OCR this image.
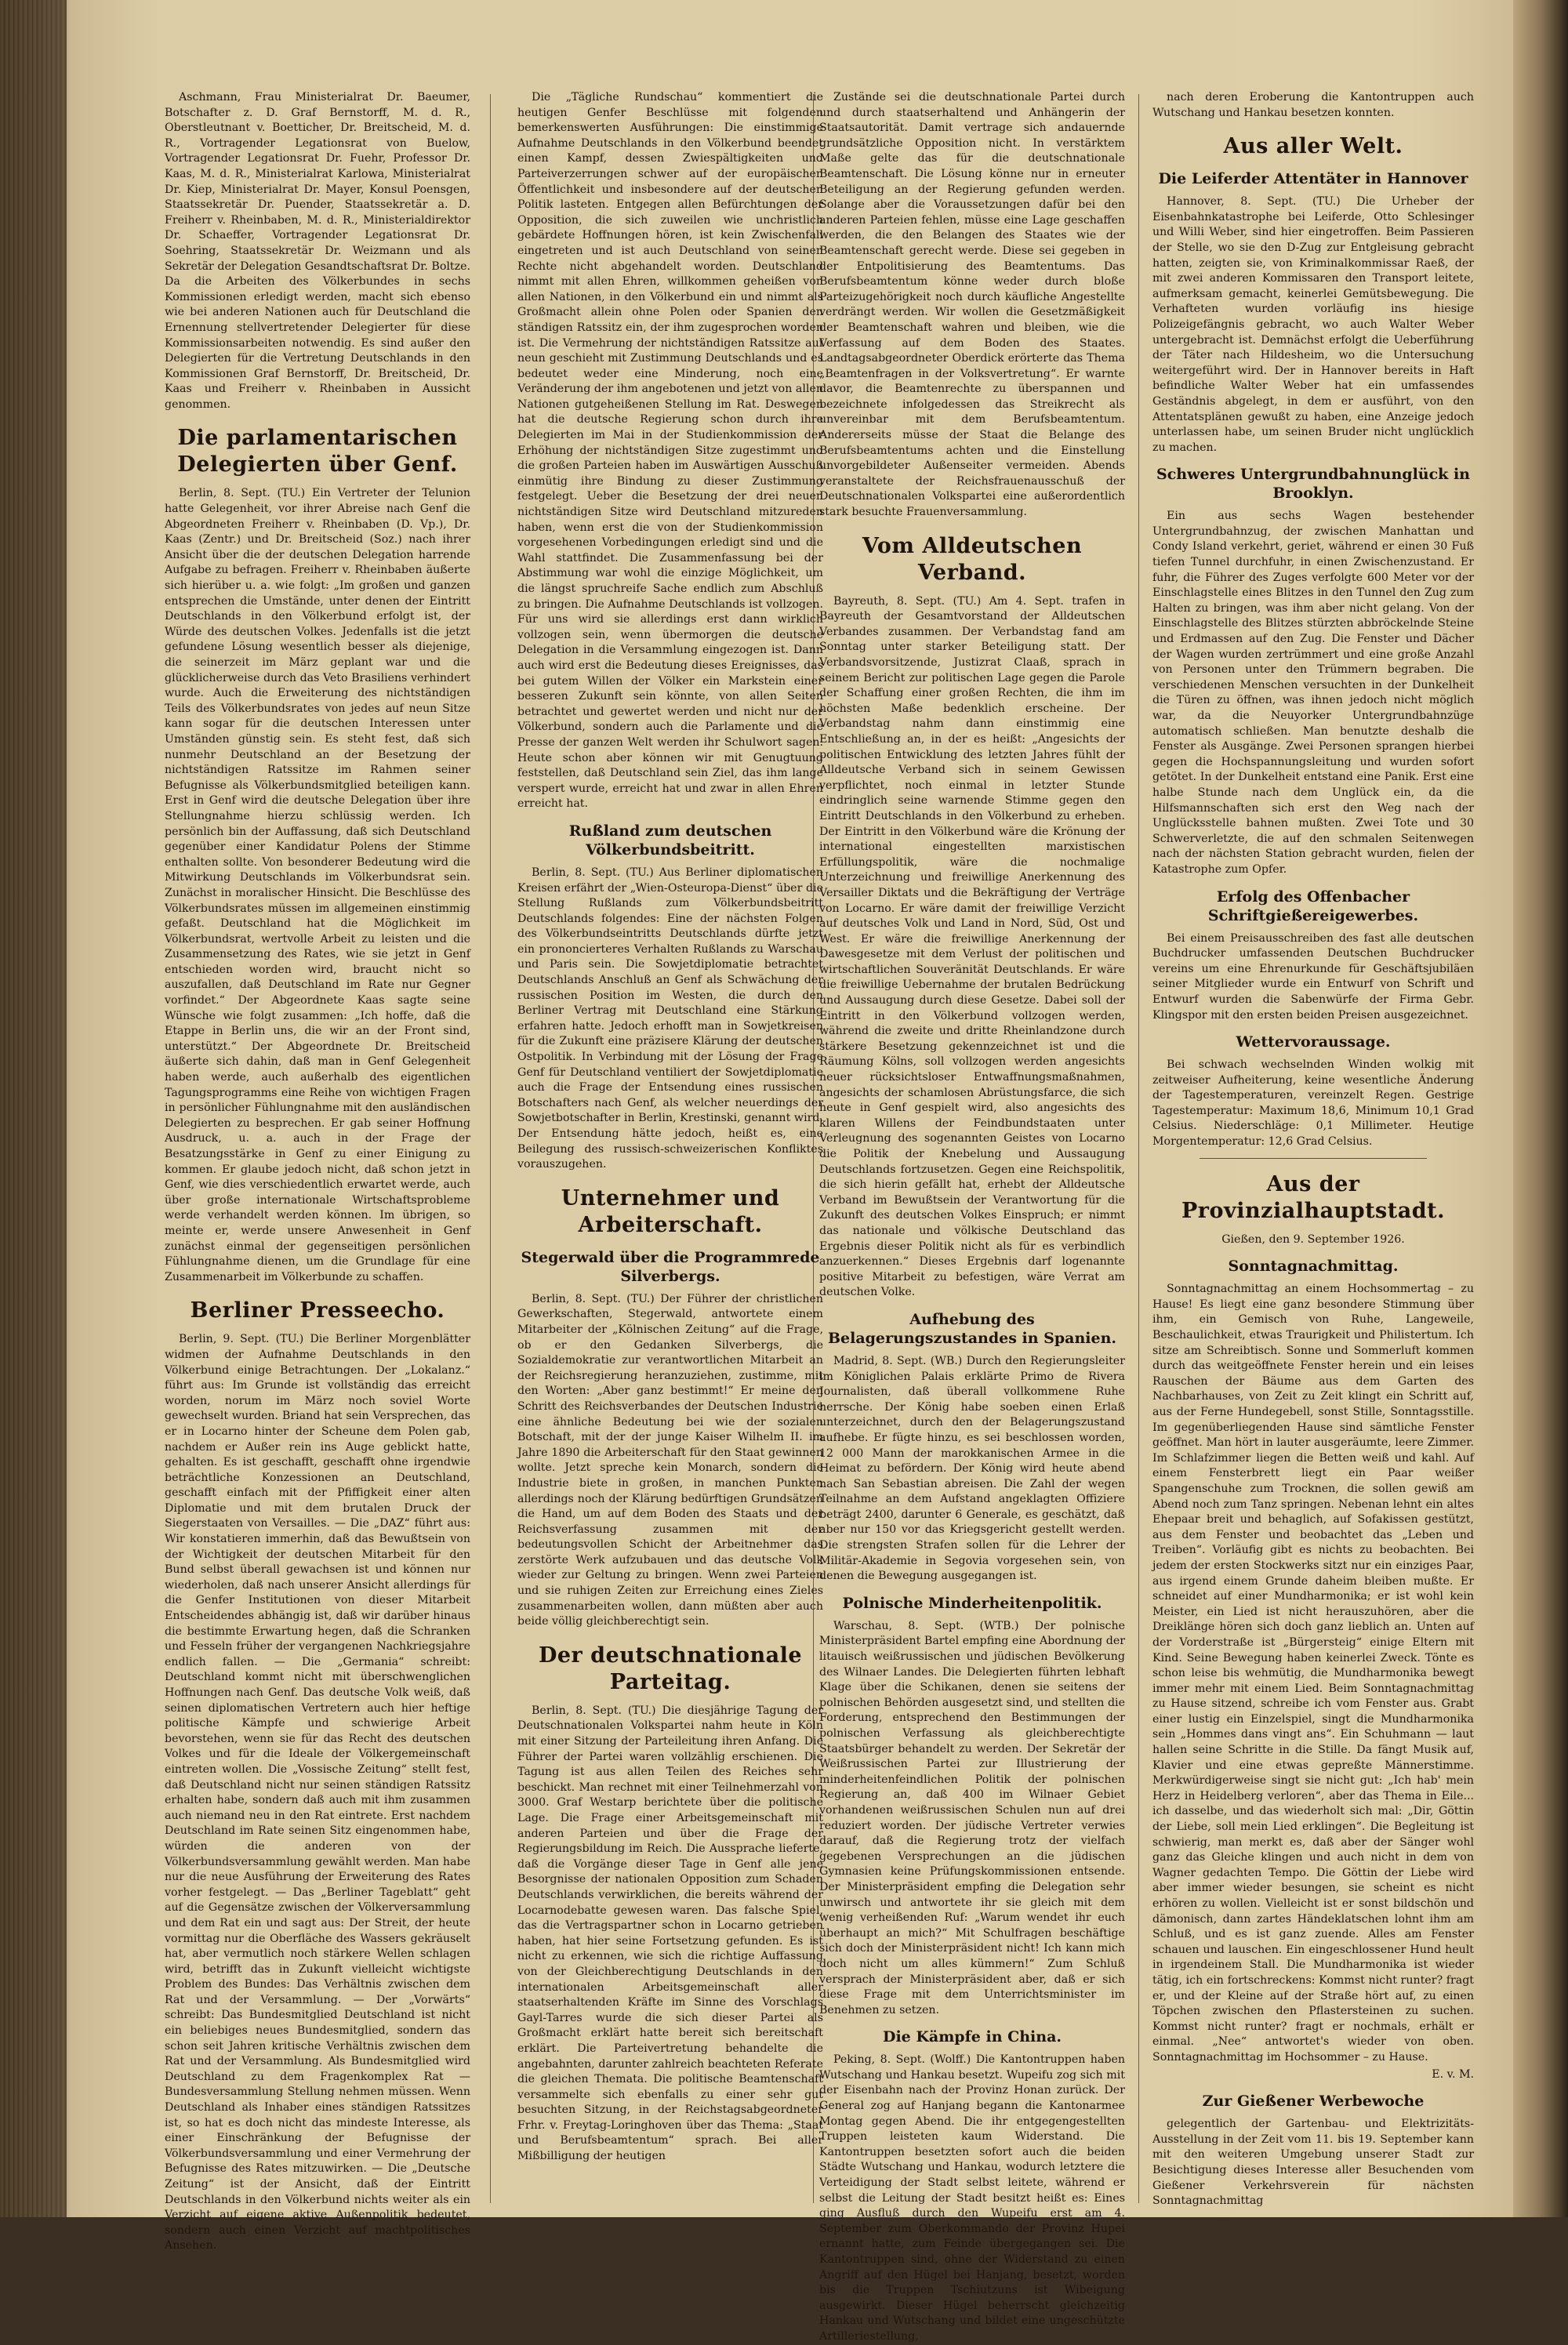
Aschmann, Frau Ministerialrat Dr. Baeumer, Botschafter z. D. Graf Bernstorff, M. d. R., Oberstleutnant v. Boetticher, Dr. Breitscheid, M. d. R., Vortragender Legationsrat von Buelow, Vortragender Legationsrat Dr. Fuehr, Professor Dr. Kaas, M. d. R., Ministerialrat Karlowa, Ministerialrat Dr. Kiep, Ministerialrat Dr. Mayer, Konsul Poensgen, Staatssekretär Dr. Puender, Staatssekretär a. D. Freiherr v. Rheinbaben, M. d. R., Ministerialdirektor Dr. Schaeffer, Vortragender Legationsrat Dr. Soehring, Staatssekretär Dr. Weizmann und als Sekretär der Delegation Gesandtschaftsrat Dr. Boltze. Da die Arbeiten des Völkerbundes in sechs Kommissionen erledigt werden, macht sich ebenso wie bei anderen Nationen auch für Deutschland die Ernennung stellvertretender Delegierter für diese Kommissionsarbeiten notwendig. Es sind außer den Delegierten für die Vertretung Deutschlands in den Kommissionen Graf Bernstorff, Dr. Breitscheid, Dr. Kaas und Freiherr v. Rheinbaben in Aussicht genommen.

Die parlamentarischen Delegierten über Genf.

Berlin, 8. Sept. (TU.) Ein Vertreter der Telunion hatte Gelegenheit, vor ihrer Abreise nach Genf die Abgeordneten Freiherr v. Rheinbaben (D. Vp.), Dr. Kaas (Zentr.) und Dr. Breitscheid (Soz.) nach ihrer Ansicht über die der deutschen Delegation harrende Aufgabe zu befragen. Freiherr v. Rheinbaben äußerte sich hierüber u. a. wie folgt: „Im großen und ganzen entsprechen die Umstände, unter denen der Eintritt Deutschlands in den Völkerbund erfolgt ist, der Würde des deutschen Volkes. Jedenfalls ist die jetzt gefundene Lösung wesentlich besser als diejenige, die seinerzeit im März geplant war und die glücklicherweise durch das Veto Brasiliens verhindert wurde. Auch die Erweiterung des nichtständigen Teils des Völkerbundsrates von jedes auf neun Sitze kann sogar für die deutschen Interessen unter Umständen günstig sein. Es steht fest, daß sich nunmehr Deutschland an der Besetzung der nichtständigen Ratssitze im Rahmen seiner Befugnisse als Völkerbundsmitglied beteiligen kann. Erst in Genf wird die deutsche Delegation über ihre Stellungnahme hierzu schlüssig werden. Ich persönlich bin der Auffassung, daß sich Deutschland gegenüber einer Kandidatur Polens der Stimme enthalten sollte. Von besonderer Bedeutung wird die Mitwirkung Deutschlands im Völkerbundsrat sein. Zunächst in moralischer Hinsicht. Die Beschlüsse des Völkerbundsrates müssen im allgemeinen einstimmig gefaßt. Deutschland hat die Möglichkeit im Völkerbundsrat, wertvolle Arbeit zu leisten und die Zusammensetzung des Rates, wie sie jetzt in Genf entschieden worden wird, braucht nicht so auszufallen, daß Deutschland im Rate nur Gegner vorfindet.“ Der Abgeordnete Kaas sagte seine Wünsche wie folgt zusammen: „Ich hoffe, daß die Etappe in Berlin uns, die wir an der Front sind, unterstützt.“ Der Abgeordnete Dr. Breitscheid äußerte sich dahin, daß man in Genf Gelegenheit haben werde, auch außerhalb des eigentlichen Tagungsprogramms eine Reihe von wichtigen Fragen in persönlicher Fühlungnahme mit den ausländischen Delegierten zu besprechen. Er gab seiner Hoffnung Ausdruck, u. a. auch in der Frage der Besatzungsstärke in Genf zu einer Einigung zu kommen. Er glaube jedoch nicht, daß schon jetzt in Genf, wie dies verschiedentlich erwartet werde, auch über große internationale Wirtschaftsprobleme werde verhandelt werden können. Im übrigen, so meinte er, werde unsere Anwesenheit in Genf zunächst einmal der gegenseitigen persönlichen Fühlungnahme dienen, um die Grundlage für eine Zusammenarbeit im Völkerbunde zu schaffen.

Berliner Presseecho.

Berlin, 9. Sept. (TU.) Die Berliner Morgenblätter widmen der Aufnahme Deutschlands in den Völkerbund einige Betrachtungen. Der „Lokalanz.“ führt aus: Im Grunde ist vollständig das erreicht worden, norum im März noch soviel Worte gewechselt wurden. Briand hat sein Versprechen, das er in Locarno hinter der Scheune dem Polen gab, nachdem er Außer rein ins Auge geblickt hatte, gehalten. Es ist geschafft, geschafft ohne irgendwie beträchtliche Konzessionen an Deutschland, geschafft einfach mit der Pfiffigkeit einer alten Diplomatie und mit dem brutalen Druck der Siegerstaaten von Versailles. — Die „DAZ“ führt aus: Wir konstatieren immerhin, daß das Bewußtsein von der Wichtigkeit der deutschen Mitarbeit für den Bund selbst überall gewachsen ist und können nur wiederholen, daß nach unserer Ansicht allerdings für die Genfer Institutionen von dieser Mitarbeit Entscheidendes abhängig ist, daß wir darüber hinaus die bestimmte Erwartung hegen, daß die Schranken und Fesseln früher der vergangenen Nachkriegsjahre endlich fallen. — Die „Germania“ schreibt: Deutschland kommt nicht mit überschwenglichen Hoffnungen nach Genf. Das deutsche Volk weiß, daß seinen diplomatischen Vertretern auch hier heftige politische Kämpfe und schwierige Arbeit bevorstehen, wenn sie für das Recht des deutschen Volkes und für die Ideale der Völkergemeinschaft eintreten wollen. Die „Vossische Zeitung“ stellt fest, daß Deutschland nicht nur seinen ständigen Ratssitz erhalten habe, sondern daß auch mit ihm zusammen auch niemand neu in den Rat eintrete. Erst nachdem Deutschland im Rate seinen Sitz eingenommen habe, würden die anderen von der Völkerbundsversammlung gewählt werden. Man habe nur die neue Ausführung der Erweiterung des Rates vorher festgelegt. — Das „Berliner Tageblatt“ geht auf die Gegensätze zwischen der Völkerversammlung und dem Rat ein und sagt aus: Der Streit, der heute vormittag nur die Oberfläche des Wassers gekräuselt hat, aber vermutlich noch stärkere Wellen schlagen wird, betrifft das in Zukunft vielleicht wichtigste Problem des Bundes: Das Verhältnis zwischen dem Rat und der Versammlung. — Der „Vorwärts“ schreibt: Das Bundesmitglied Deutschland ist nicht ein beliebiges neues Bundesmitglied, sondern das schon seit Jahren kritische Verhältnis zwischen dem Rat und der Versammlung. Als Bundesmitglied wird Deutschland zu dem Fragenkomplex Rat — Bundesversammlung Stellung nehmen müssen. Wenn Deutschland als Inhaber eines ständigen Ratssitzes ist, so hat es doch nicht das mindeste Interesse, als einer Einschränkung der Befugnisse der Völkerbundsversammlung und einer Vermehrung der Befugnisse des Rates mitzuwirken. — Die „Deutsche Zeitung“ ist der Ansicht, daß der Eintritt Deutschlands in den Völkerbund nichts weiter als ein Verzicht auf eigene aktive Außenpolitik bedeutet, sondern auch einen Verzicht auf machtpolitisches Ansehen.

Die „Tägliche Rundschau“ kommentiert die heutigen Genfer Beschlüsse mit folgenden bemerkenswerten Ausführungen: Die einstimmige Aufnahme Deutschlands in den Völkerbund beendet einen Kampf, dessen Zwiespältigkeiten und Parteiverzerrungen schwer auf der europäischen Öffentlichkeit und insbesondere auf der deutschen Politik lasteten. Entgegen allen Befürchtungen der Opposition, die sich zuweilen wie unchristlich gebärdete Hoffnungen hören, ist kein Zwischenfall eingetreten und ist auch Deutschland von seinen Rechte nicht abgehandelt worden. Deutschland nimmt mit allen Ehren, willkommen geheißen von allen Nationen, in den Völkerbund ein und nimmt als Großmacht allein ohne Polen oder Spanien den ständigen Ratssitz ein, der ihm zugesprochen worden ist. Die Vermehrung der nichtständigen Ratssitze auf neun geschieht mit Zustimmung Deutschlands und es bedeutet weder eine Minderung, noch eine Veränderung der ihm angebotenen und jetzt von allen Nationen gutgeheißenen Stellung im Rat. Deswegen hat die deutsche Regierung schon durch ihre Delegierten im Mai in der Studienkommission der Erhöhung der nichtständigen Sitze zugestimmt und die großen Parteien haben im Auswärtigen Ausschuß einmütig ihre Bindung zu dieser Zustimmung festgelegt. Ueber die Besetzung der drei neuen nichtständigen Sitze wird Deutschland mitzureden haben, wenn erst die von der Studienkommission vorgesehenen Vorbedingungen erledigt sind und die Wahl stattfindet. Die Zusammenfassung bei der Abstimmung war wohl die einzige Möglichkeit, um die längst spruchreife Sache endlich zum Abschluß zu bringen. Die Aufnahme Deutschlands ist vollzogen. Für uns wird sie allerdings erst dann wirklich vollzogen sein, wenn übermorgen die deutsche Delegation in die Versammlung eingezogen ist. Dann auch wird erst die Bedeutung dieses Ereignisses, das bei gutem Willen der Völker ein Markstein einer besseren Zukunft sein könnte, von allen Seiten betrachtet und gewertet werden und nicht nur der Völkerbund, sondern auch die Parlamente und die Presse der ganzen Welt werden ihr Schulwort sagen. Heute schon aber können wir mit Genugtuung feststellen, daß Deutschland sein Ziel, das ihm lange verspert wurde, erreicht hat und zwar in allen Ehren erreicht hat.

Rußland zum deutschen Völkerbundsbeitritt.

Berlin, 8. Sept. (TU.) Aus Berliner diplomatischen Kreisen erfährt der „Wien-Osteuropa-Dienst“ über die Stellung Rußlands zum Völkerbundsbeitritt Deutschlands folgendes: Eine der nächsten Folgen des Völkerbundseintritts Deutschlands dürfte jetzt ein prononcierteres Verhalten Rußlands zu Warschau und Paris sein. Die Sowjetdiplomatie betrachtet Deutschlands Anschluß an Genf als Schwächung der russischen Position im Westen, die durch den Berliner Vertrag mit Deutschland eine Stärkung erfahren hatte. Jedoch erhofft man in Sowjetkreisen für die Zukunft eine präzisere Klärung der deutschen Ostpolitik. In Verbindung mit der Lösung der Frage Genf für Deutschland ventiliert der Sowjetdiplomatie auch die Frage der Entsendung eines russischen Botschafters nach Genf, als welcher neuerdings der Sowjetbotschafter in Berlin, Krestinski, genannt wird. Der Entsendung hätte jedoch, heißt es, eine Beilegung des russisch-schweizerischen Konfliktes vorauszugehen.

Unternehmer und Arbeiterschaft.
Stegerwald über die Programmrede Silverbergs.

Berlin, 8. Sept. (TU.) Der Führer der christlichen Gewerkschaften, Stegerwald, antwortete einem Mitarbeiter der „Kölnischen Zeitung“ auf die Frage, ob er den Gedanken Silverbergs, die Sozialdemokratie zur verantwortlichen Mitarbeit an der Reichsregierung heranzuziehen, zustimme, mit den Worten: „Aber ganz bestimmt!“ Er meine den Schritt des Reichsverbandes der Deutschen Industrie eine ähnliche Bedeutung bei wie der sozialen Botschaft, mit der der junge Kaiser Wilhelm II. im Jahre 1890 die Arbeiterschaft für den Staat gewinnen wollte. Jetzt spreche kein Monarch, sondern die Industrie biete in großen, in manchen Punkten allerdings noch der Klärung bedürftigen Grundsätzen die Hand, um auf dem Boden des Staats und der Reichsverfassung zusammen mit der bedeutungsvollen Schicht der Arbeitnehmer das zerstörte Werk aufzubauen und das deutsche Volk wieder zur Geltung zu bringen. Wenn zwei Parteien und sie ruhigen Zeiten zur Erreichung eines Zieles zusammenarbeiten wollen, dann müßten aber auch beide völlig gleichberechtigt sein.

Der deutschnationale Parteitag.

Berlin, 8. Sept. (TU.) Die diesjährige Tagung der Deutschnationalen Volkspartei nahm heute in Köln mit einer Sitzung der Parteileitung ihren Anfang. Die Führer der Partei waren vollzählig erschienen. Die Tagung ist aus allen Teilen des Reiches sehr beschickt. Man rechnet mit einer Teilnehmerzahl von 3000. Graf Westarp berichtete über die politische Lage. Die Frage einer Arbeitsgemeinschaft mit anderen Parteien und über die Frage der Regierungsbildung im Reich. Die Aussprache lieferte, daß die Vorgänge dieser Tage in Genf alle jene Besorgnisse der nationalen Opposition zum Schaden Deutschlands verwirklichen, die bereits während der Locarnodebatte gewesen waren. Das falsche Spiel, das die Vertragspartner schon in Locarno getrieben haben, hat hier seine Fortsetzung gefunden. Es ist nicht zu erkennen, wie sich die richtige Auffassung von der Gleichberechtigung Deutschlands in den internationalen Arbeitsgemeinschaft aller staatserhaltenden Kräfte im Sinne des Vorschlags Gayl-Tarres wurde die sich dieser Partei als Großmacht erklärt hatte bereit sich bereitschaft erklärt. Die Parteivertretung behandelte die angebahnten, darunter zahlreich beachteten Referate die gleichen Themata. Die politische Beamtenschaft versammelte sich ebenfalls zu einer sehr gut besuchten Sitzung, in der Reichstagsabgeordneter Frhr. v. Freytag-Loringhoven über das Thema: „Staat und Berufsbeamtentum“ sprach. Bei aller Mißbilligung der heutigen

Zustände sei die deutschnationale Partei durch und durch staatserhaltend und Anhängerin der Staatsautorität. Damit vertrage sich andauernde grundsätzliche Opposition nicht. In verstärktem Maße gelte das für die deutschnationale Beamtenschaft. Die Lösung könne nur in erneuter Beteiligung an der Regierung gefunden werden. Solange aber die Voraussetzungen dafür bei den anderen Parteien fehlen, müsse eine Lage geschaffen werden, die den Belangen des Staates wie der Beamtenschaft gerecht werde. Diese sei gegeben in der Entpolitisierung des Beamtentums. Das Berufsbeamtentum könne weder durch bloße Parteizugehörigkeit noch durch käufliche Angestellte verdrängt werden. Wir wollen die Gesetzmäßigkeit der Beamtenschaft wahren und bleiben, wie die Verfassung auf dem Boden des Staates. Landtagsabgeordneter Oberdick erörterte das Thema „Beamtenfragen in der Volksvertretung“. Er warnte davor, die Beamtenrechte zu überspannen und bezeichnete infolgedessen das Streikrecht als unvereinbar mit dem Berufsbeamtentum. Andererseits müsse der Staat die Belange des Berufsbeamtentums achten und die Einstellung unvorgebildeter Außenseiter vermeiden. Abends veranstaltete der Reichsfrauenausschuß der Deutschnationalen Volkspartei eine außerordentlich stark besuchte Frauenversammlung.

Vom Alldeutschen Verband.

Bayreuth, 8. Sept. (TU.) Am 4. Sept. trafen in Bayreuth der Gesamtvorstand der Alldeutschen Verbandes zusammen. Der Verbandstag fand am Sonntag unter starker Beteiligung statt. Der Verbandsvorsitzende, Justizrat Claaß, sprach in seinem Bericht zur politischen Lage gegen die Parole der Schaffung einer großen Rechten, die ihm im höchsten Maße bedenklich erscheine. Der Verbandstag nahm dann einstimmig eine Entschließung an, in der es heißt: „Angesichts der politischen Entwicklung des letzten Jahres fühlt der Alldeutsche Verband sich in seinem Gewissen verpflichtet, noch einmal in letzter Stunde eindringlich seine warnende Stimme gegen den Eintritt Deutschlands in den Völkerbund zu erheben. Der Eintritt in den Völkerbund wäre die Krönung der international eingestellten marxistischen Erfüllungspolitik, wäre die nochmalige Unterzeichnung und freiwillige Anerkennung des Versailler Diktats und die Bekräftigung der Verträge von Locarno. Er wäre damit der freiwillige Verzicht auf deutsches Volk und Land in Nord, Süd, Ost und West. Er wäre die freiwillige Anerkennung der Dawesgesetze mit dem Verlust der politischen und wirtschaftlichen Souveränität Deutschlands. Er wäre die freiwillige Uebernahme der brutalen Bedrückung und Aussaugung durch diese Gesetze. Dabei soll der Eintritt in den Völkerbund vollzogen werden, während die zweite und dritte Rheinlandzone durch stärkere Besetzung gekennzeichnet ist und die Räumung Kölns, soll vollzogen werden angesichts neuer rücksichtsloser Entwaffnungsmaßnahmen, angesichts der schamlosen Abrüstungsfarce, die sich heute in Genf gespielt wird, also angesichts des klaren Willens der Feindbundstaaten unter Verleugnung des sogenannten Geistes von Locarno die Politik der Knebelung und Aussaugung Deutschlands fortzusetzen. Gegen eine Reichspolitik, die sich hierin gefällt hat, erhebt der Alldeutsche Verband im Bewußtsein der Verantwortung für die Zukunft des deutschen Volkes Einspruch; er nimmt das nationale und völkische Deutschland das Ergebnis dieser Politik nicht als für es verbindlich anzuerkennen.“ Dieses Ergebnis darf logenannte positive Mitarbeit zu befestigen, wäre Verrat am deutschen Volke.

Aufhebung des Belagerungszustandes in Spanien.

Madrid, 8. Sept. (WB.) Durch den Regierungsleiter im Königlichen Palais erklärte Primo de Rivera Journalisten, daß überall vollkommene Ruhe herrsche. Der König habe soeben einen Erlaß unterzeichnet, durch den der Belagerungszustand aufhebe. Er fügte hinzu, es sei beschlossen worden, 12 000 Mann der marokkanischen Armee in die Heimat zu befördern. Der König wird heute abend nach San Sebastian abreisen. Die Zahl der wegen Teilnahme an dem Aufstand angeklagten Offiziere beträgt 2400, darunter 6 Generale, es geschätzt, daß aber nur 150 vor das Kriegsgericht gestellt werden. Die strengsten Strafen sollen für die Lehrer der Militär-Akademie in Segovia vorgesehen sein, von denen die Bewegung ausgegangen ist.

Polnische Minderheitenpolitik.

Warschau, 8. Sept. (WTB.) Der polnische Ministerpräsident Bartel empfing eine Abordnung der litauisch weißrussischen und jüdischen Bevölkerung des Wilnaer Landes. Die Delegierten führten lebhaft Klage über die Schikanen, denen sie seitens der polnischen Behörden ausgesetzt sind, und stellten die Forderung, entsprechend den Bestimmungen der polnischen Verfassung als gleichberechtigte Staatsbürger behandelt zu werden. Der Sekretär der Weißrussischen Partei zur Illustrierung der minderheitenfeindlichen Politik der polnischen Regierung an, daß 400 im Wilnaer Gebiet vorhandenen weißrussischen Schulen nun auf drei reduziert worden. Der jüdische Vertreter verwies darauf, daß die Regierung trotz der vielfach gegebenen Versprechungen an die jüdischen Gymnasien keine Prüfungskommissionen entsende. Der Ministerpräsident empfing die Delegation sehr unwirsch und antwortete ihr sie gleich mit dem wenig verheißenden Ruf: „Warum wendet ihr euch überhaupt an mich?“ Mit Schulfragen beschäftige sich doch der Ministerpräsident nicht! Ich kann mich doch nicht um alles kümmern!“ Zum Schluß versprach der Ministerpräsident aber, daß er sich diese Frage mit dem Unterrichtsminister im Benehmen zu setzen.

Die Kämpfe in China.

Peking, 8. Sept. (Wolff.) Die Kantontruppen haben Wutschang und Hankau besetzt. Wupeifu zog sich mit der Eisenbahn nach der Provinz Honan zurück. Der General zog auf Hanjang begann die Kantonarmee Montag gegen Abend. Die ihr entgegengestellten Truppen leisteten kaum Widerstand. Die Kantontruppen besetzten sofort auch die beiden Städte Wutschang und Hankau, wodurch letztere die Verteidigung der Stadt selbst leitete, während er selbst die Leitung der Stadt besitzt heißt es: Eines ging Ausfluß durch den Wupeifu erst am 4. September zum Oberkommando der Provinz Hupei ernannt hatte, zum Feinde übergegangen sei. Die Kantontruppen sind, ohne der Widerstand zu einen Angriff auf den Hügel bei Hanjang, besetzt, worden bis die Truppen Tschiutzuns ist Wibeigung ausgewirkt. Dieser Hügel beherrscht gleichzeitig Hankau und Wutschang und bildet eine ungeschützte Artilleriestellung,

nach deren Eroberung die Kantontruppen auch Wutschang und Hankau besetzen konnten.

Aus aller Welt.
Die Leiferder Attentäter in Hannover

Hannover, 8. Sept. (TU.) Die Urheber der Eisenbahnkatastrophe bei Leiferde, Otto Schlesinger und Willi Weber, sind hier eingetroffen. Beim Passieren der Stelle, wo sie den D-Zug zur Entgleisung gebracht hatten, zeigten sie, von Kriminalkommissar Raeß, der mit zwei anderen Kommissaren den Transport leitete, aufmerksam gemacht, keinerlei Gemütsbewegung. Die Verhafteten wurden vorläufig ins hiesige Polizeigefängnis gebracht, wo auch Walter Weber untergebracht ist. Demnächst erfolgt die Ueberführung der Täter nach Hildesheim, wo die Untersuchung weitergeführt wird. Der in Hannover bereits in Haft befindliche Walter Weber hat ein umfassendes Geständnis abgelegt, in dem er ausführt, von den Attentatsplänen gewußt zu haben, eine Anzeige jedoch unterlassen habe, um seinen Bruder nicht unglücklich zu machen.

Schweres Untergrundbahnunglück in Brooklyn.

Ein aus sechs Wagen bestehender Untergrundbahnzug, der zwischen Manhattan und Condy Island verkehrt, geriet, während er einen 30 Fuß tiefen Tunnel durchfuhr, in einen Zwischenzustand. Er fuhr, die Führer des Zuges verfolgte 600 Meter vor der Einschlagstelle eines Blitzes in den Tunnel den Zug zum Halten zu bringen, was ihm aber nicht gelang. Von der Einschlagstelle des Blitzes stürzten abbröckelnde Steine und Erdmassen auf den Zug. Die Fenster und Dächer der Wagen wurden zertrümmert und eine große Anzahl von Personen unter den Trümmern begraben. Die verschiedenen Menschen versuchten in der Dunkelheit die Türen zu öffnen, was ihnen jedoch nicht möglich war, da die Neuyorker Untergrundbahnzüge automatisch schließen. Man benutzte deshalb die Fenster als Ausgänge. Zwei Personen sprangen hierbei gegen die Hochspannungsleitung und wurden sofort getötet. In der Dunkelheit entstand eine Panik. Erst eine halbe Stunde nach dem Unglück ein, da die Hilfsmannschaften sich erst den Weg nach der Unglücksstelle bahnen mußten. Zwei Tote und 30 Schwerverletzte, die auf den schmalen Seitenwegen nach der nächsten Station gebracht wurden, fielen der Katastrophe zum Opfer.

Erfolg des Offenbacher Schriftgießereigewerbes.

Bei einem Preisausschreiben des fast alle deutschen Buchdrucker umfassenden Deutschen Buchdrucker vereins um eine Ehrenurkunde für Geschäftsjubiläen seiner Mitglieder wurde ein Entwurf von Schrift und Entwurf wurden die Sabenwürfe der Firma Gebr. Klingspor mit den ersten beiden Preisen ausgezeichnet.

Wettervoraussage.

Bei schwach wechselnden Winden wolkig mit zeitweiser Aufheiterung, keine wesentliche Änderung der Tagestemperaturen, vereinzelt Regen. Gestrige Tagestemperatur: Maximum 18,6, Minimum 10,1 Grad Celsius. Niederschläge: 0,1 Millimeter. Heutige Morgentemperatur: 12,6 Grad Celsius.

Aus der Provinzialhauptstadt.

Gießen, den 9. September 1926.

Sonntagnachmittag.

Sonntagnachmittag an einem Hochsommertag – zu Hause! Es liegt eine ganz besondere Stimmung über ihm, ein Gemisch von Ruhe, Langeweile, Beschaulichkeit, etwas Traurigkeit und Philistertum. Ich sitze am Schreibtisch. Sonne und Sommerluft kommen durch das weitgeöffnete Fenster herein und ein leises Rauschen der Bäume aus dem Garten des Nachbarhauses, von Zeit zu Zeit klingt ein Schritt auf, aus der Ferne Hundegebell, sonst Stille, Sonntagsstille. Im gegenüberliegenden Hause sind sämtliche Fenster geöffnet. Man hört in lauter ausgeräumte, leere Zimmer. Im Schlafzimmer liegen die Betten weiß und kahl. Auf einem Fensterbrett liegt ein Paar weißer Spangenschuhe zum Trocknen, die sollen gewiß am Abend noch zum Tanz springen. Nebenan lehnt ein altes Ehepaar breit und behaglich, auf Sofakissen gestützt, aus dem Fenster und beobachtet das „Leben und Treiben“. Vorläufig gibt es nichts zu beobachten. Bei jedem der ersten Stockwerks sitzt nur ein einziges Paar, aus irgend einem Grunde daheim bleiben mußte. Er schneidet auf einer Mundharmonika; er ist wohl kein Meister, ein Lied ist nicht herauszuhören, aber die Dreiklänge hören sich doch ganz lieblich an. Unten auf der Vorderstraße ist „Bürgersteig“ einige Eltern mit Kind. Seine Bewegung haben keinerlei Zweck. Tönte es schon leise bis wehmütig, die Mundharmonika bewegt immer mehr mit einem Lied. Beim Sonntagnachmittag zu Hause sitzend, schreibe ich vom Fenster aus. Grabt einer lustig ein Einzelspiel, singt die Mundharmonika sein „Hommes dans vingt ans“. Ein Schuhmann — laut hallen seine Schritte in die Stille. Da fängt Musik auf, Klavier und eine etwas gepreßte Männerstimme. Merkwürdigerweise singt sie nicht gut: „Ich hab' mein Herz in Heidelberg verloren“, aber das Thema in Eile... ich dasselbe, und das wiederholt sich mal: „Dir, Göttin der Liebe, soll mein Lied erklingen“. Die Begleitung ist schwierig, man merkt es, daß aber der Sänger wohl ganz das Gleiche klingen und auch nicht in dem von Wagner gedachten Tempo. Die Göttin der Liebe wird aber immer wieder besungen, sie scheint es nicht erhören zu wollen. Vielleicht ist er sonst bildschön und dämonisch, dann zartes Händeklatschen lohnt ihm am Schluß, und es ist ganz zuende. Alles am Fenster schauen und lauschen. Ein eingeschlossener Hund heult in irgendeinem Stall. Die Mundharmonika ist wieder tätig, ich ein fortschreckens: Kommst nicht runter? fragt er, und der Kleine auf der Straße hört auf, zu einen Töpchen zwischen den Pflastersteinen zu suchen. Kommst nicht runter? fragt er nochmals, erhält er einmal. „Nee“ antwortet's wieder von oben. Sonntagnachmittag im Hochsommer – zu Hause.

E. v. M.

Zur Gießener Werbewoche

gelegentlich der Gartenbau- und Elektrizitäts-Ausstellung in der Zeit vom 11. bis 19. September kann mit den weiteren Umgebung unserer Stadt zur Besichtigung dieses Interesse aller Besuchenden vom Gießener Verkehrsverein für nächsten Sonntagnachmittag
